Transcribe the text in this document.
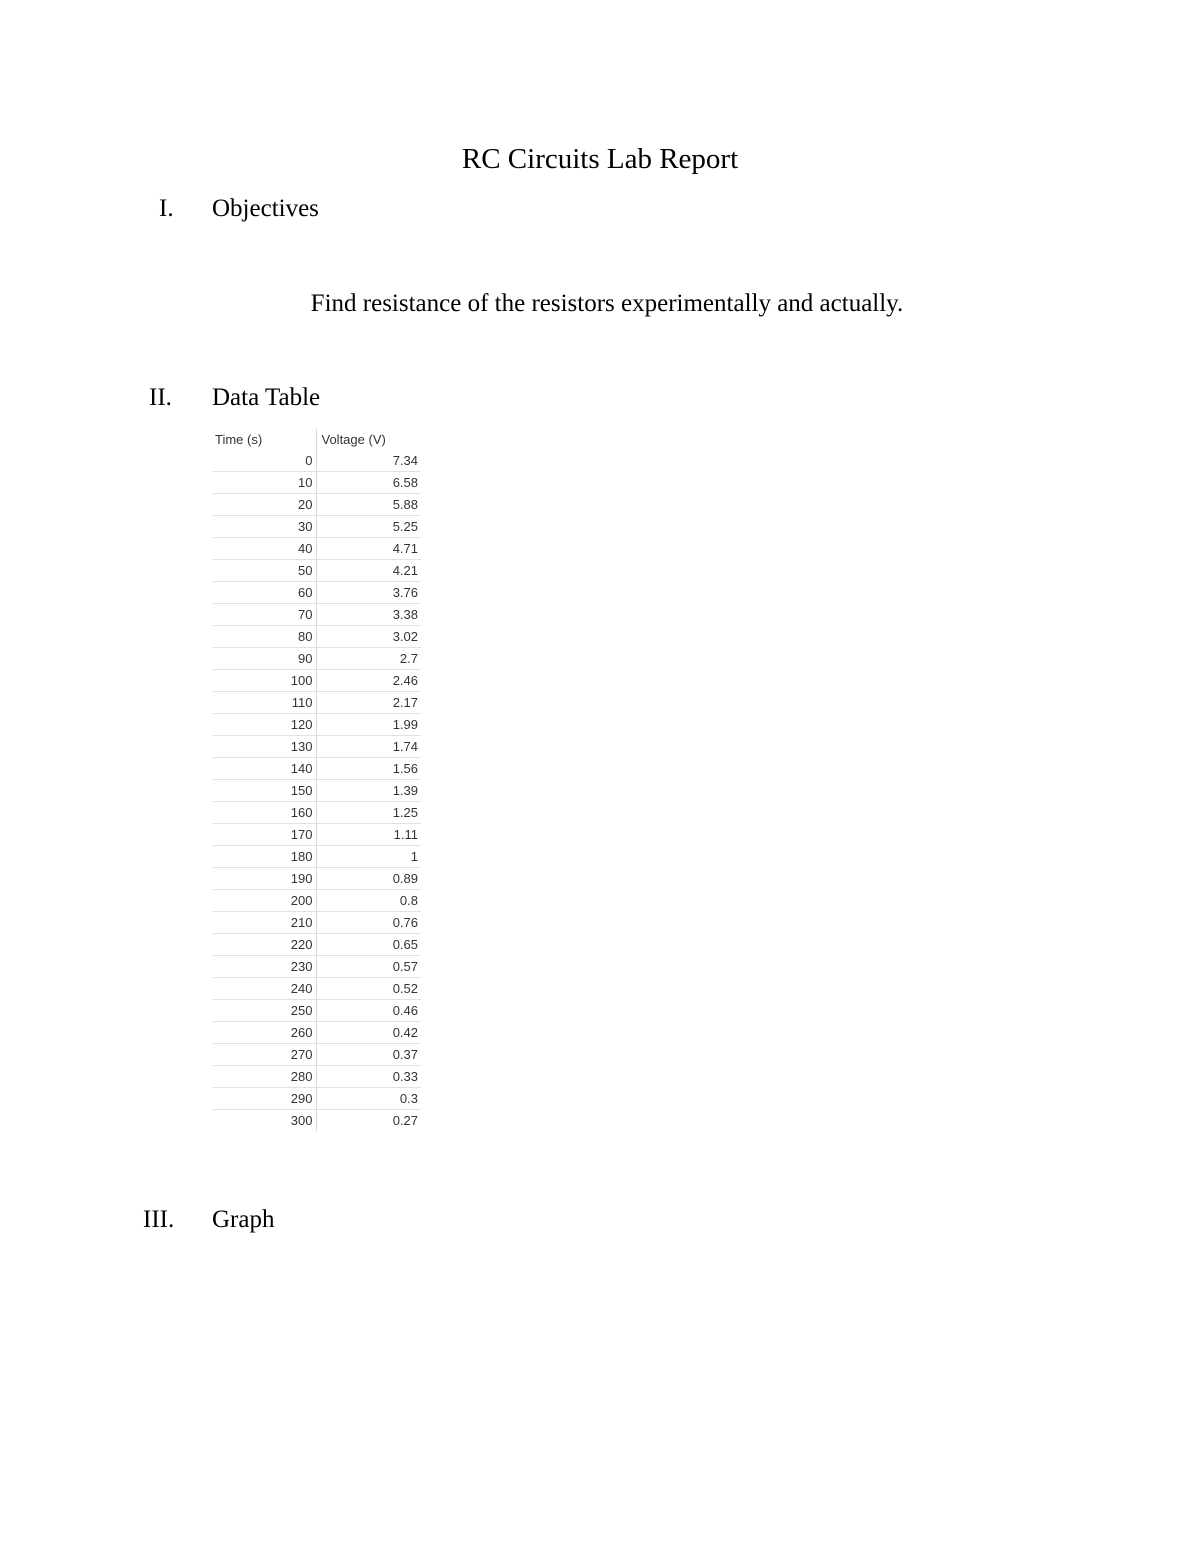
RC Circuits Lab Report
I. Objectives
Find resistance of the resistors experimentally and actually.
II. Data Table
Time (s)	Voltage (V)
0	7.34
10	6.58
20	5.88
30	5.25
40	4.71
50	4.21
60	3.76
70	3.38
80	3.02
90	2.7
100	2.46
110	2.17
120	1.99
130	1.74
140	1.56
150	1.39
160	1.25
170	1.11
180	1
190	0.89
200	0.8
210	0.76
220	0.65
230	0.57
240	0.52
250	0.46
260	0.42
270	0.37
280	0.33
290	0.3
300	0.27
III. Graph
